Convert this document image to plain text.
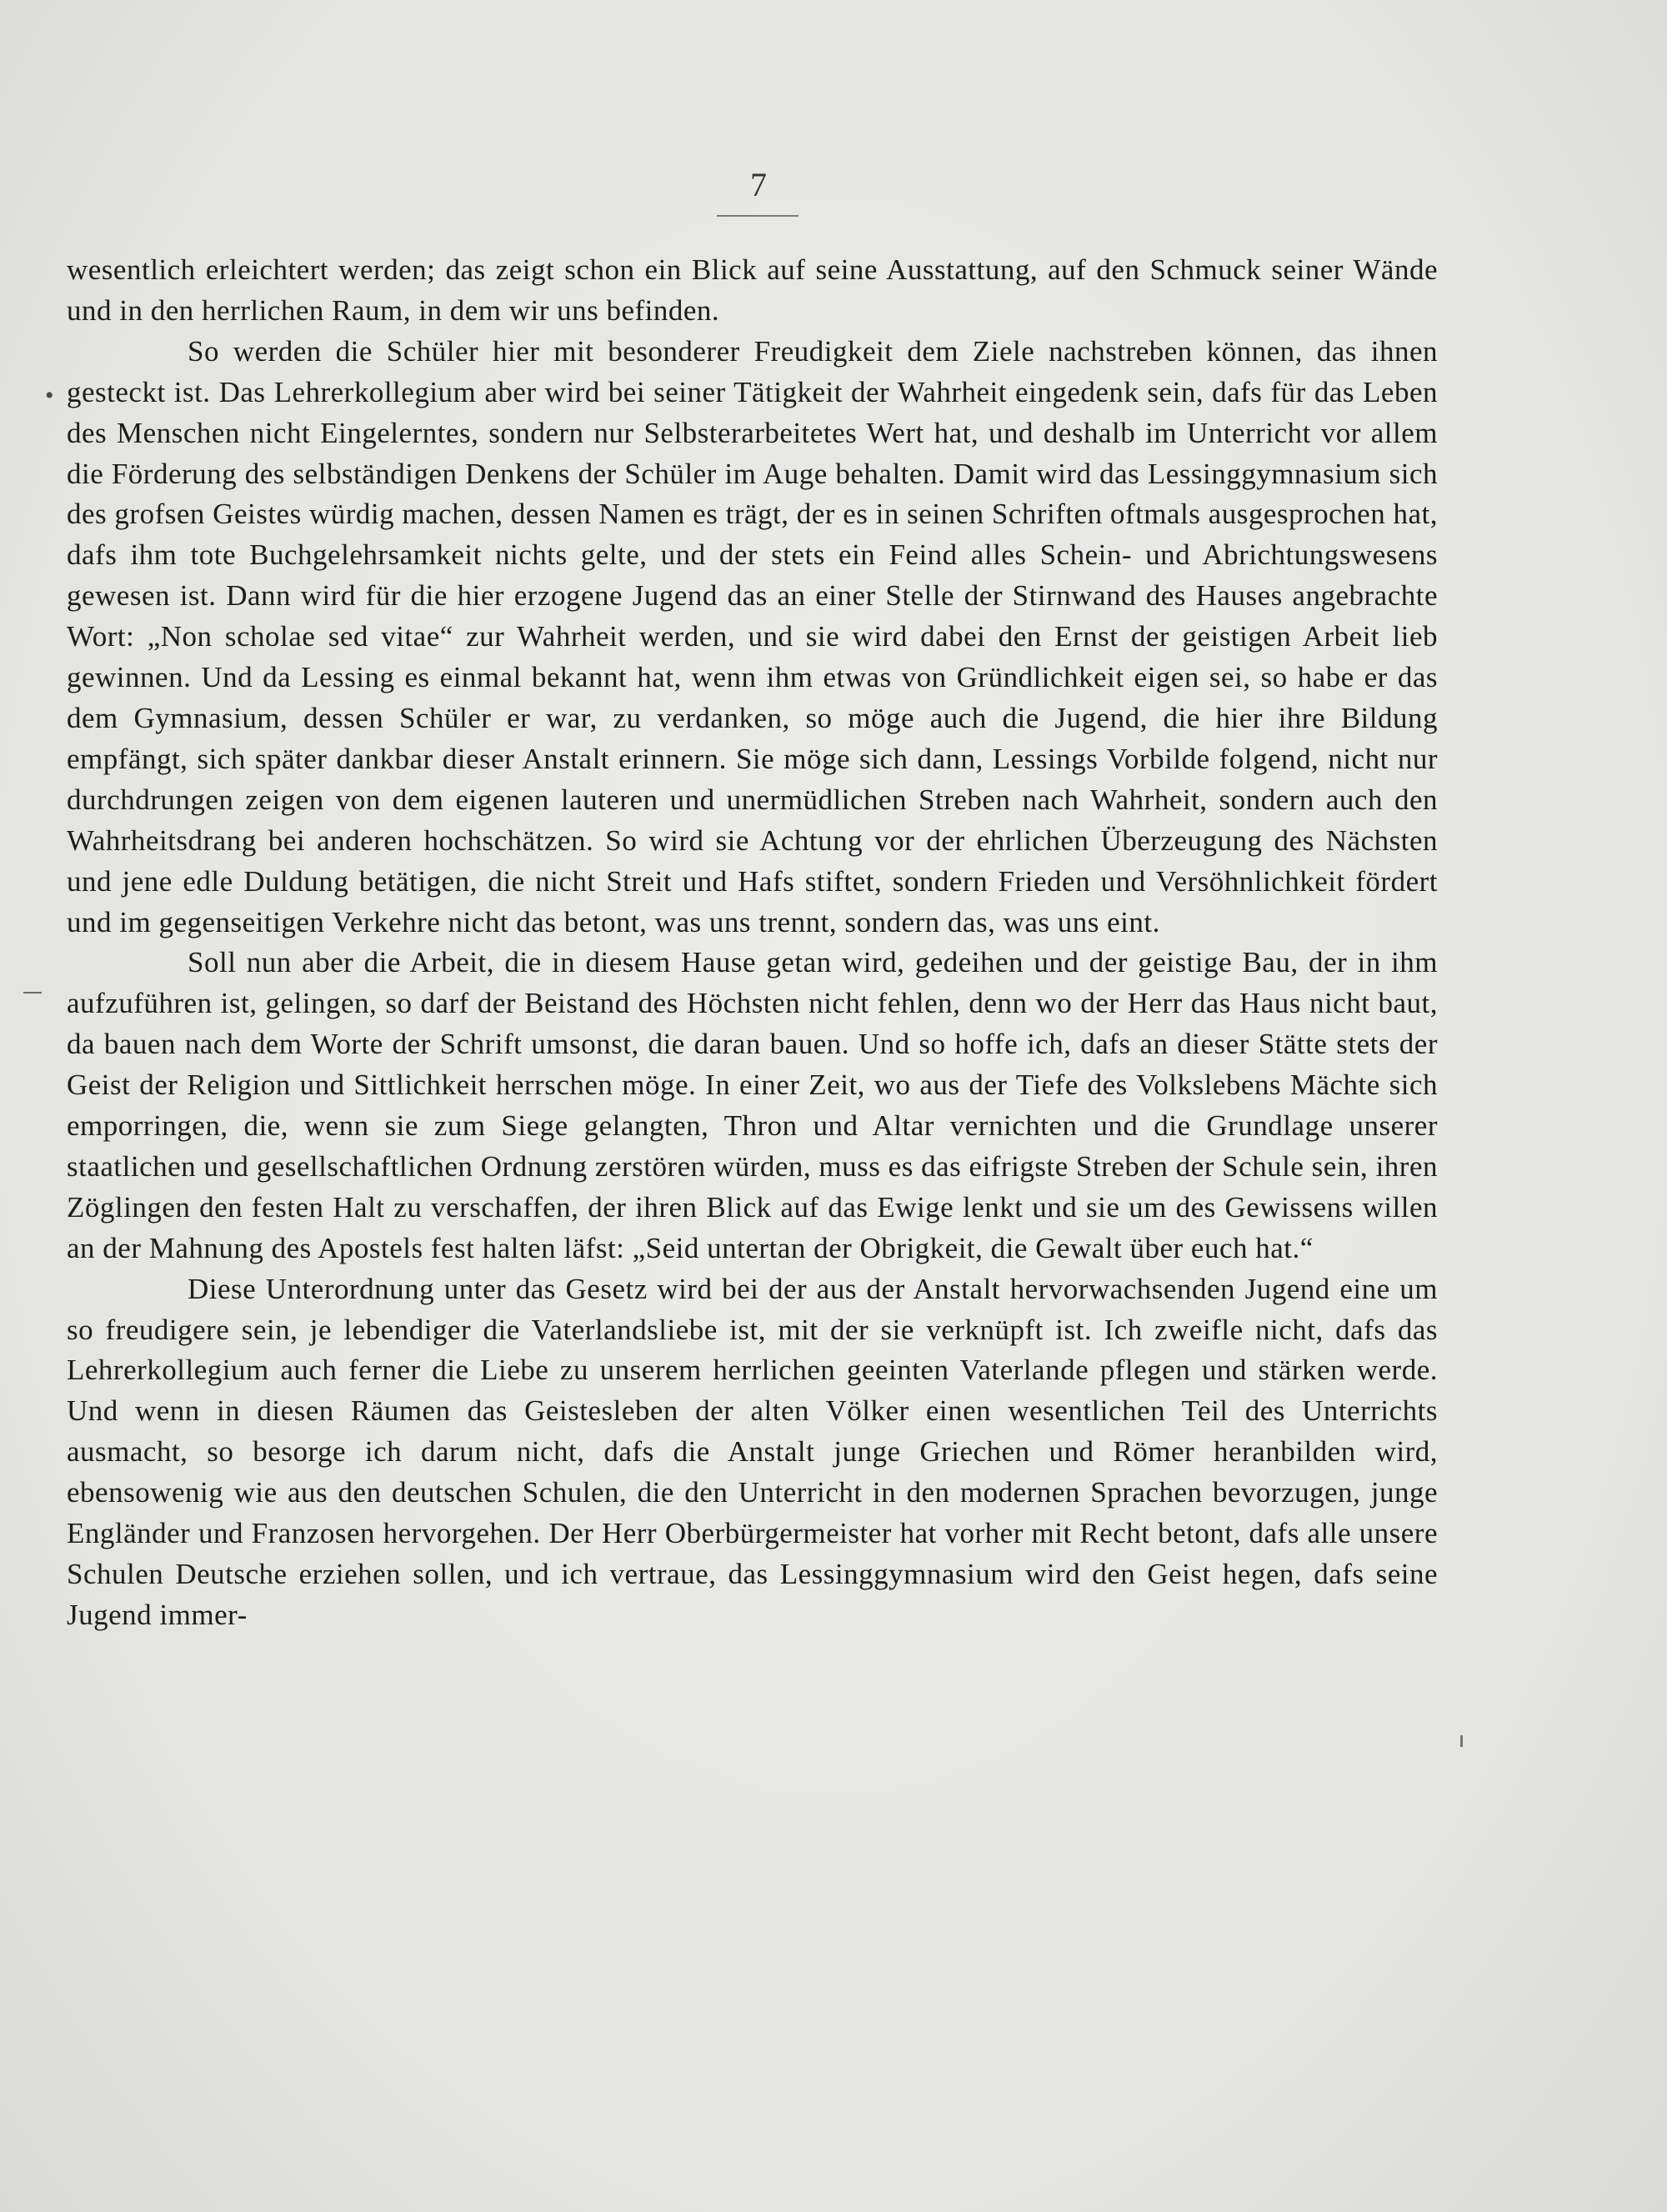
7
•

wesentlich erleichtert werden; das zeigt schon ein Blick auf seine Ausstattung, auf den Schmuck seiner Wände und in den herrlichen Raum, in dem wir uns befinden.

So werden die Schüler hier mit besonderer Freudigkeit dem Ziele nachstreben können, das ihnen gesteckt ist. Das Lehrerkollegium aber wird bei seiner Tätigkeit der Wahrheit eingedenk sein, dafs für das Leben des Menschen nicht Eingelerntes, sondern nur Selbsterarbeitetes Wert hat, und deshalb im Unterricht vor allem die Förderung des selbständigen Denkens der Schüler im Auge behalten. Damit wird das Lessinggymnasium sich des grofsen Geistes würdig machen, dessen Namen es trägt, der es in seinen Schriften oftmals ausgesprochen hat, dafs ihm tote Buchgelehrsamkeit nichts gelte, und der stets ein Feind alles Schein- und Abrichtungswesens gewesen ist. Dann wird für die hier erzogene Jugend das an einer Stelle der Stirnwand des Hauses angebrachte Wort: „Non scholae sed vitae“ zur Wahrheit werden, und sie wird dabei den Ernst der geistigen Arbeit lieb gewinnen. Und da Lessing es einmal bekannt hat, wenn ihm etwas von Gründlichkeit eigen sei, so habe er das dem Gymnasium, dessen Schüler er war, zu verdanken, so möge auch die Jugend, die hier ihre Bildung empfängt, sich später dankbar dieser Anstalt erinnern. Sie möge sich dann, Lessings Vorbilde folgend, nicht nur durchdrungen zeigen von dem eigenen lauteren und unermüdlichen Streben nach Wahrheit, sondern auch den Wahrheitsdrang bei anderen hochschätzen. So wird sie Achtung vor der ehrlichen Überzeugung des Nächsten und jene edle Duldung betätigen, die nicht Streit und Hafs stiftet, sondern Frieden und Versöhnlichkeit fördert und im gegenseitigen Verkehre nicht das betont, was uns trennt, sondern das, was uns eint.

Soll nun aber die Arbeit, die in diesem Hause getan wird, gedeihen und der geistige Bau, der in ihm aufzuführen ist, gelingen, so darf der Beistand des Höchsten nicht fehlen, denn wo der Herr das Haus nicht baut, da bauen nach dem Worte der Schrift umsonst, die daran bauen. Und so hoffe ich, dafs an dieser Stätte stets der Geist der Religion und Sittlichkeit herrschen möge. In einer Zeit, wo aus der Tiefe des Volkslebens Mächte sich emporringen, die, wenn sie zum Siege gelangten, Thron und Altar vernichten und die Grundlage unserer staatlichen und gesellschaftlichen Ordnung zerstören würden, muss es das eifrigste Streben der Schule sein, ihren Zöglingen den festen Halt zu verschaffen, der ihren Blick auf das Ewige lenkt und sie um des Gewissens willen an der Mahnung des Apostels fest halten läfst: „Seid untertan der Obrigkeit, die Gewalt über euch hat.“

Diese Unterordnung unter das Gesetz wird bei der aus der Anstalt hervorwachsenden Jugend eine um so freudigere sein, je lebendiger die Vaterlandsliebe ist, mit der sie verknüpft ist. Ich zweifle nicht, dafs das Lehrerkollegium auch ferner die Liebe zu unserem herrlichen geeinten Vaterlande pflegen und stärken werde. Und wenn in diesen Räumen das Geistesleben der alten Völker einen wesentlichen Teil des Unterrichts ausmacht, so besorge ich darum nicht, dafs die Anstalt junge Griechen und Römer heranbilden wird, ebensowenig wie aus den deutschen Schulen, die den Unterricht in den modernen Sprachen bevorzugen, junge Engländer und Franzosen hervorgehen. Der Herr Oberbürgermeister hat vorher mit Recht betont, dafs alle unsere Schulen Deutsche erziehen sollen, und ich vertraue, das Lessinggymnasium wird den Geist hegen, dafs seine Jugend immer-
